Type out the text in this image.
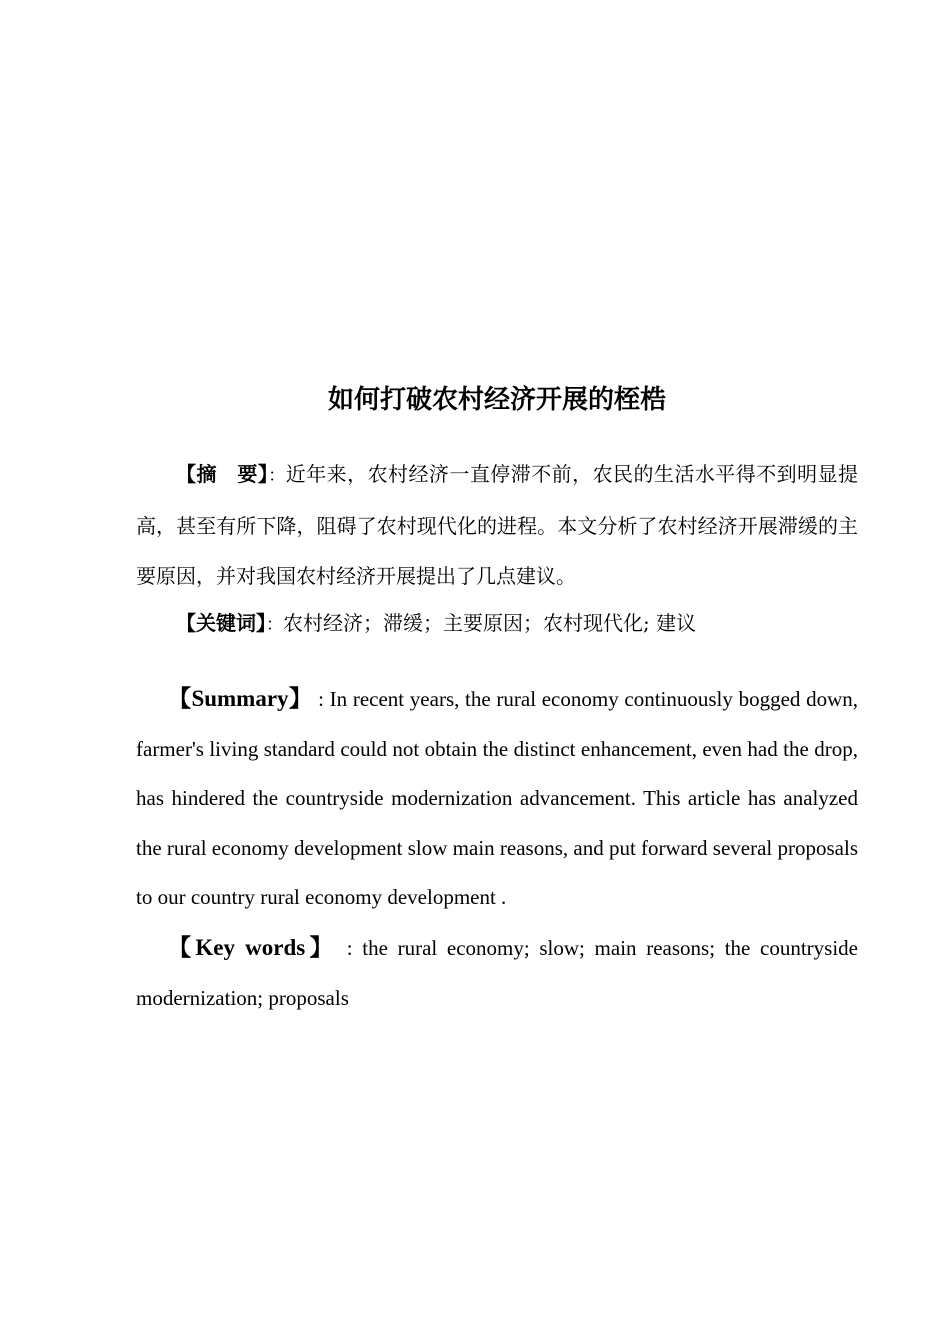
如何打破农村经济开展的桎梏

【摘　要】：近年来，农村经济一直停滞不前，农民的生活水平得不到明显提高，甚至有所下降，阻碍了农村现代化的进程。本文分析了农村经济开展滞缓的主要原因，并对我国农村经济开展提出了几点建议。

【关键词】：农村经济；滞缓；主要原因；农村现代化; 建议

【Summary】 : In recent years, the rural economy continuously bogged down, farmer's living standard could not obtain the distinct enhancement, even had the drop, has hindered the countryside modernization advancement. This article has analyzed the rural economy development slow main reasons, and put forward several proposals to our country rural economy development .

【Key words】 : the rural economy; slow; main reasons; the countryside modernization; proposals
